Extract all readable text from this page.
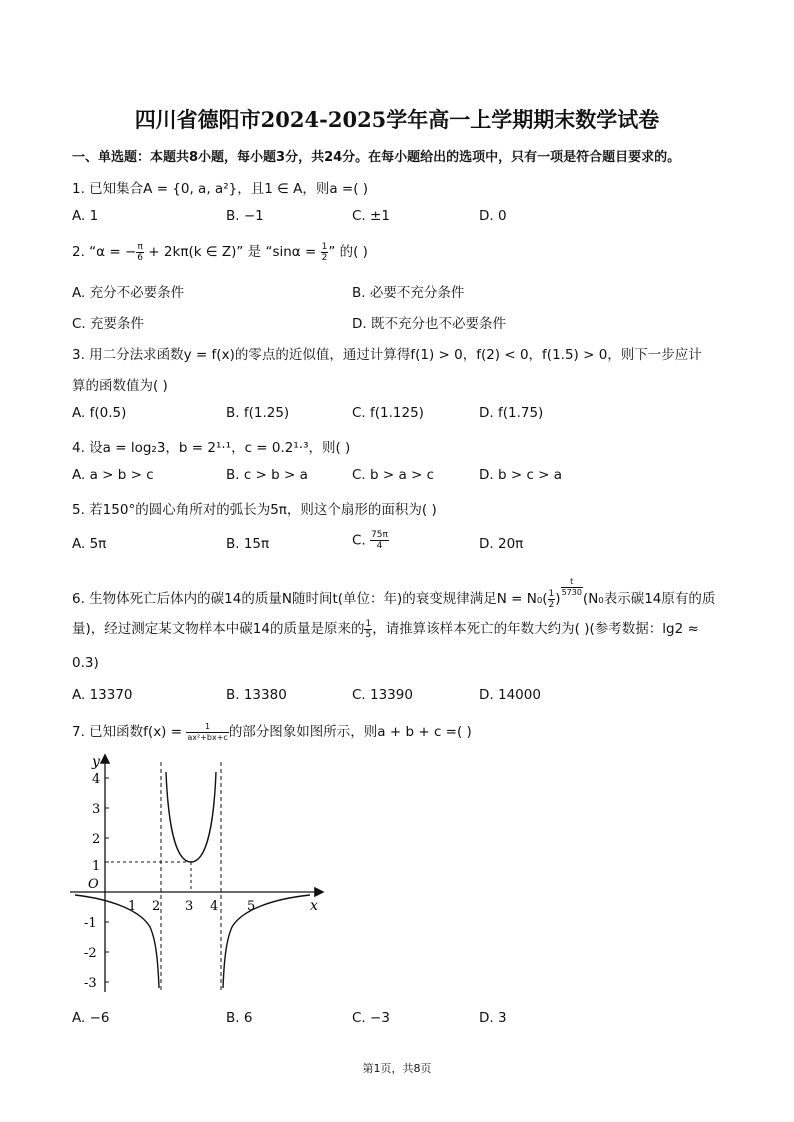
四川省德阳市2024-2025学年高一上学期期末数学试卷
一、单选题：本题共8小题，每小题3分，共24分。在每小题给出的选项中，只有一项是符合题目要求的。
1. 已知集合A = {0, a, a²}，且1 ∈ A，则a =( )
A. 1	B. −1	C. ±1	D. 0
2. “α = − $\frac{\pi}{6} + 2k\pi(k$ ∈ Z)” 是 “$\sin\alpha = \frac{1}{2}$ ” 的( )
A. 充分不必要条件	B. 必要不充分条件
C. 充要条件	D. 既不充分也不必要条件
3. 用二分法求函数y = f(x)的零点的近似值，通过计算得f(1) > 0，f(2) < 0，f(1.5) > 0，则下一步应计
算的函数值为( )
A. f(0.5)	B. f(1.25)	C. f(1.125)	D. f(1.75)
4. 设a = log₂3，b = 2¹·¹，c = 0.2¹·³，则( )
A. a > b > c	B. c > b > a	C. b > a > c	D. b > c > a
5. 若150°的圆心角所对的弧长为5π，则这个扇形的面积为( )
A. 5π	B. 15π	C. $\frac{75\pi}{4}$	D. 20π
6. 生物体死亡后体内的碳14的质量N随时间t(单位：年)的衰变规律满足$N = N_0( \frac{1}{2}$ )
$\frac{t}{5730}$
(N₀表示碳14原有的质
量)，经过测定某文物样本中碳14的质量是原来的 $\frac{1}{5}$ ，请推算该样本死亡的年数大约为( )(参考数据：lg2 ≈
0.3)
A. 13370	B. 13380	C. 13390	D. 14000
7. 已知函数$f(x) = \frac{1}{\text{ax²+bx+c}}$ 的部分图象如图所示，则a + b + c =( )
y
x
O
4
3
2
1
-1
-2
-3
1 2 3 4 5
A. −6	B. 6	C. −3	D. 3
第1页，共8页
